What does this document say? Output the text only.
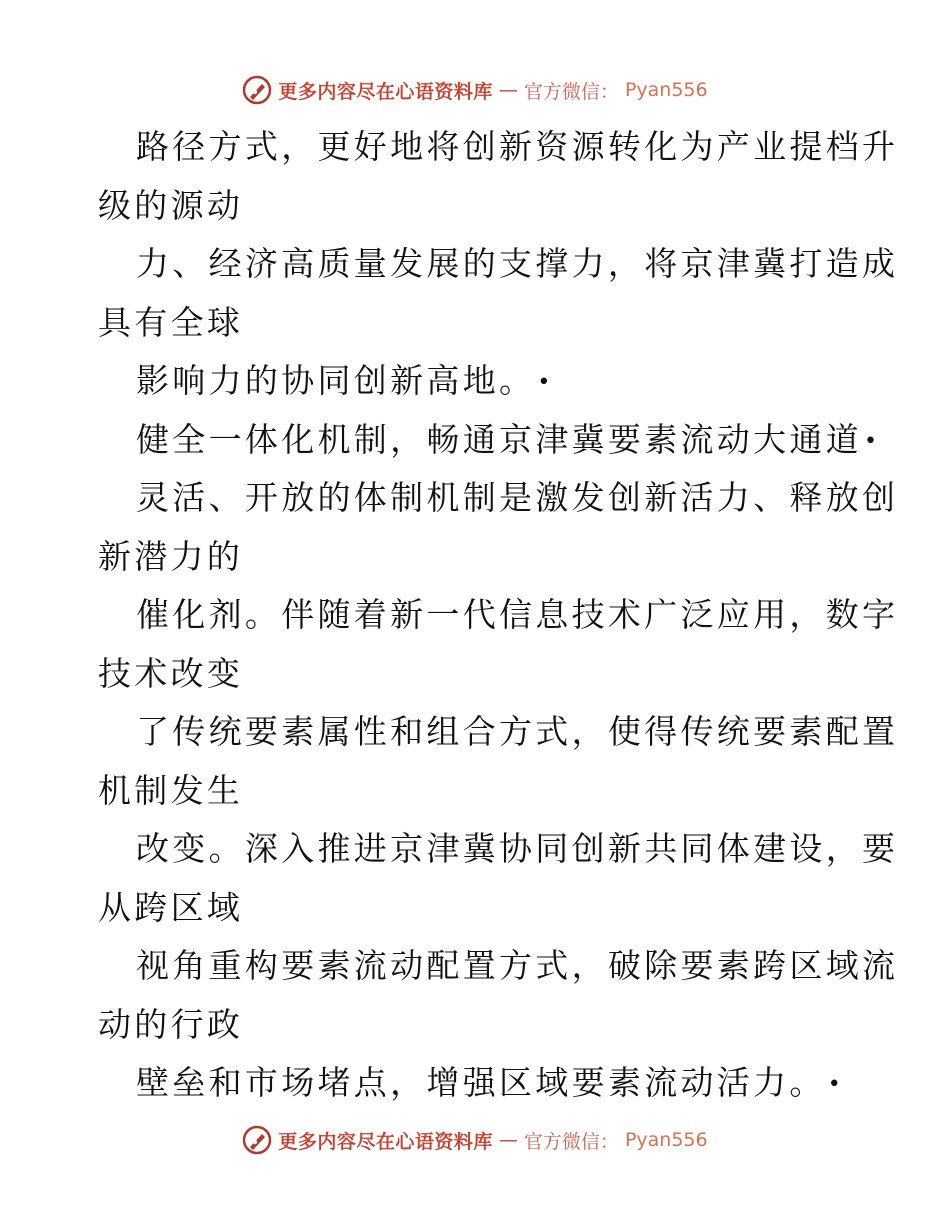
更多内容尽在心语资料库 — 官方微信： Pyan556
路径方式，更好地将创新资源转化为产业提档升
级的源动
力、经济高质量发展的支撑力，将京津冀打造成
具有全球
影响力的协同创新高地。•
健全一体化机制，畅通京津冀要素流动大通道•
灵活、开放的体制机制是激发创新活力、释放创
新潜力的
催化剂。伴随着新一代信息技术广泛应用，数字
技术改变
了传统要素属性和组合方式，使得传统要素配置
机制发生
改变。深入推进京津冀协同创新共同体建设，要
从跨区域
视角重构要素流动配置方式，破除要素跨区域流
动的行政
壁垒和市场堵点，增强区域要素流动活力。•
更多内容尽在心语资料库 — 官方微信： Pyan556
